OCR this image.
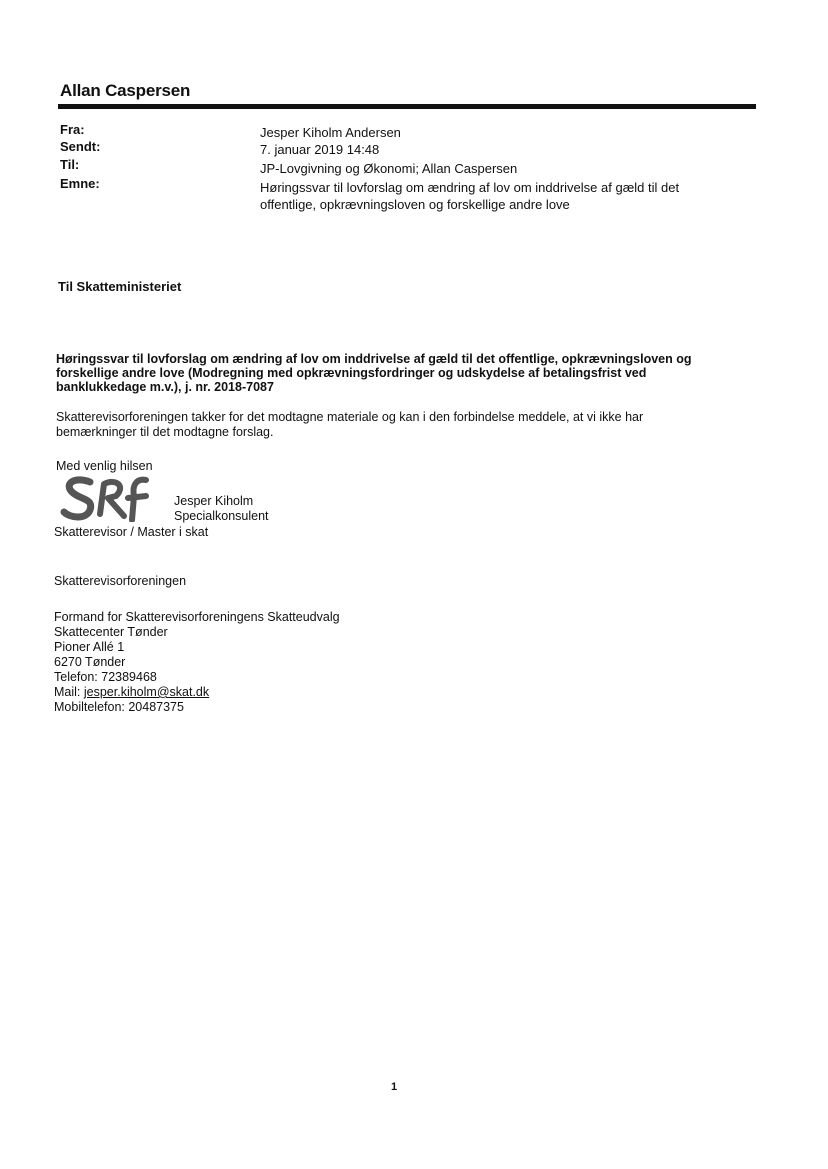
Allan Caspersen
Fra:	Jesper Kiholm Andersen
Sendt:	7. januar 2019 14:48
Til:	JP-Lovgivning og Økonomi; Allan Caspersen
Emne:	Høringssvar til lovforslag om ændring af lov om inddrivelse af gæld til det
offentlige, opkrævningsloven og forskellige andre love
Til Skatteministeriet
Høringssvar til lovforslag om ændring af lov om inddrivelse af gæld til det offentlige, opkrævningsloven og
forskellige andre love (Modregning med opkrævningsfordringer og udskydelse af betalingsfrist ved
banklukkedage m.v.), j. nr. 2018-7087
Skatterevisorforeningen takker for det modtagne materiale og kan i den forbindelse meddele, at vi ikke har
bemærkninger til det modtagne forslag.
Med venlig hilsen
Jesper Kiholm
Specialkonsulent
Skatterevisor / Master i skat
Skatterevisorforeningen
Formand for Skatterevisorforeningens Skatteudvalg
Skattecenter Tønder
Pioner Allé 1
6270 Tønder
Telefon: 72389468
Mail: jesper.kiholm@skat.dk
Mobiltelefon: 20487375
1
